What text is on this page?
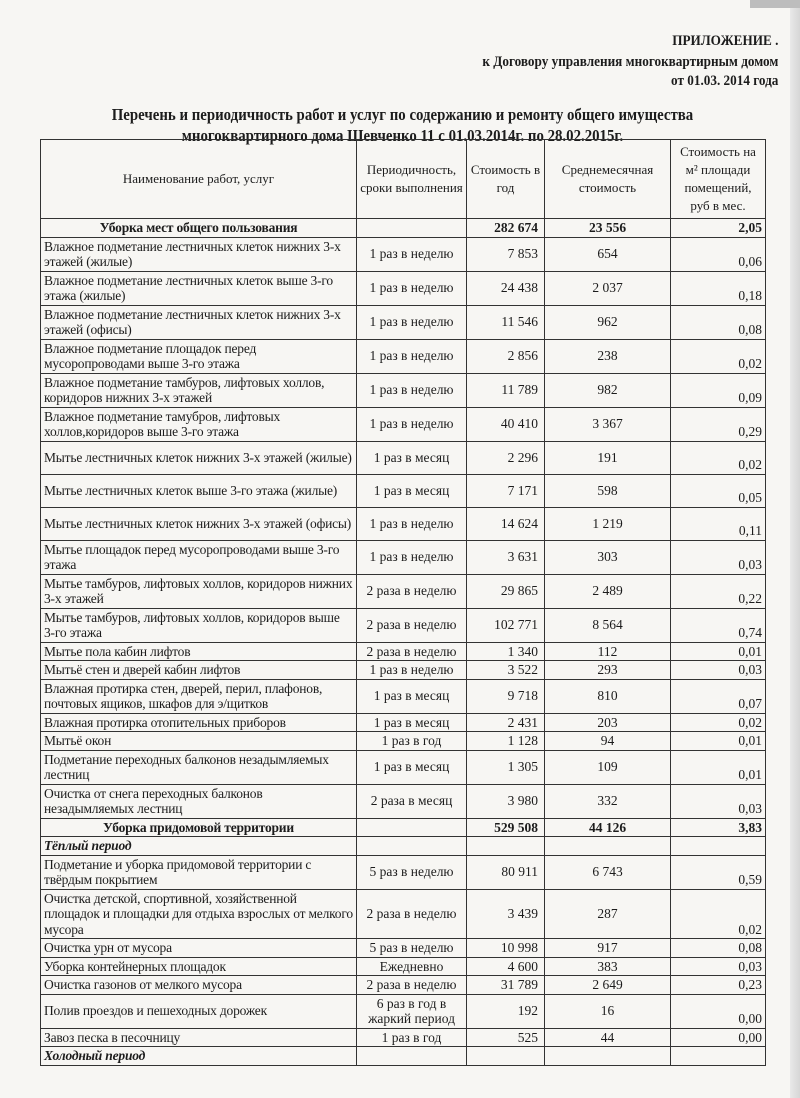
ПРИЛОЖЕНИЕ .
к Договору управления многоквартирным домом
от 01.03. 2014 года
Перечень и периодичность работ и услуг по содержанию и ремонту общего имущества
многоквартирного дома Шевченко 11 с 01.03.2014г. по 28.02.2015г.
Наименование работ, услуг	Периодичность, сроки выполнения	Стоимость в год	Среднемесячная стоимость	Стоимость на м² площади помещений, руб в мес.
Уборка мест общего пользования		282 674	23 556	2,05
Влажное подметание лестничных клеток нижних 3-х этажей (жилые)	1 раз в неделю	7 853	654	0,06
Влажное подметание лестничных клеток выше 3-го этажа (жилые)	1 раз в неделю	24 438	2 037	0,18
Влажное подметание лестничных клеток нижних 3-х этажей (офисы)	1 раз в неделю	11 546	962	0,08
Влажное подметание площадок перед мусоропроводами выше 3-го этажа	1 раз в неделю	2 856	238	0,02
Влажное подметание тамбуров, лифтовых холлов, коридоров нижних 3-х этажей	1 раз в неделю	11 789	982	0,09
Влажное подметание тамубров, лифтовых холлов,коридоров выше 3-го этажа	1 раз в неделю	40 410	3 367	0,29
Мытье лестничных клеток нижних 3-х этажей (жилые)	1 раз в месяц	2 296	191	0,02
Мытье лестничных клеток выше 3-го этажа (жилые)	1 раз в месяц	7 171	598	0,05
Мытье лестничных клеток нижних 3-х этажей (офисы)	1 раз в неделю	14 624	1 219	0,11
Мытье площадок перед мусоропроводами выше 3-го этажа	1 раз в неделю	3 631	303	0,03
Мытье тамбуров, лифтовых холлов, коридоров нижних 3-х этажей	2 раза в неделю	29 865	2 489	0,22
Мытье тамбуров, лифтовых холлов, коридоров выше 3-го этажа	2 раза в неделю	102 771	8 564	0,74
Мытье пола кабин лифтов	2 раза в неделю	1 340	112	0,01
Мытьё стен и дверей кабин лифтов	1 раз в неделю	3 522	293	0,03
Влажная протирка стен, дверей, перил, плафонов, почтовых ящиков, шкафов для э/щитков	1 раз в месяц	9 718	810	0,07
Влажная протирка отопительных приборов	1 раз в месяц	2 431	203	0,02
Мытьё окон	1 раз в год	1 128	94	0,01
Подметание переходных балконов незадымляемых лестниц	1 раз в месяц	1 305	109	0,01
Очистка от снега переходных балконов незадымляемых лестниц	2 раза в месяц	3 980	332	0,03
Уборка придомовой территории		529 508	44 126	3,83
Тёплый период				
Подметание и уборка придомовой территории с твёрдым покрытием	5 раз в неделю	80 911	6 743	0,59
Очистка детской, спортивной, хозяйственной площадок и площадки для отдыха взрослых от мелкого мусора	2 раза в неделю	3 439	287	0,02
Очистка урн от мусора	5 раз в неделю	10 998	917	0,08
Уборка контейнерных площадок	Ежедневно	4 600	383	0,03
Очистка газонов от мелкого мусора	2 раза в неделю	31 789	2 649	0,23
Полив проездов и пешеходных дорожек	6 раз в год в жаркий период	192	16	0,00
Завоз песка в песочницу	1 раз в год	525	44	0,00
Холодный период				
